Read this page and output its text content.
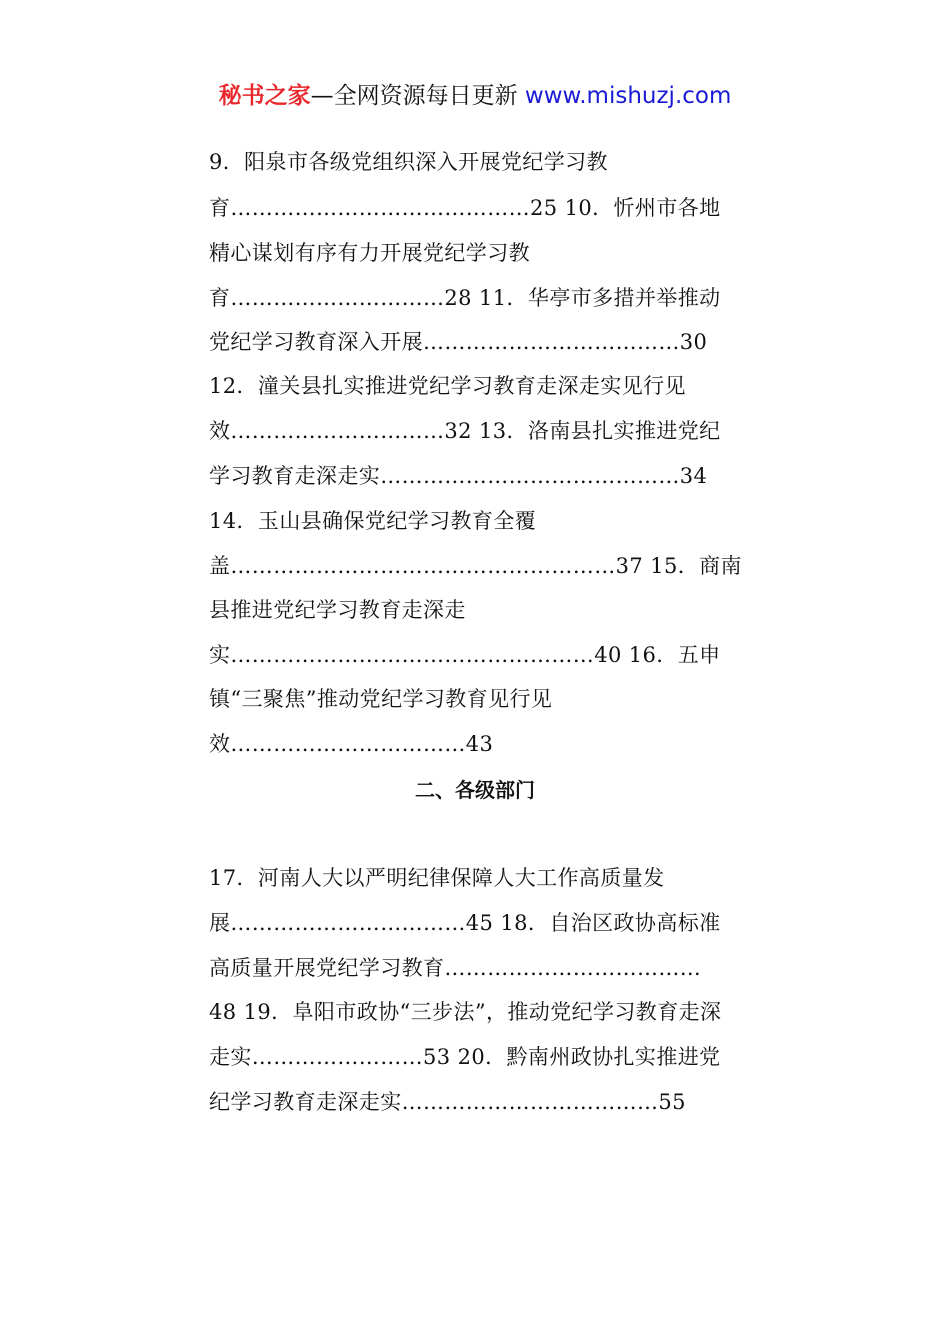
秘书之家—全网资源每日更新 www.mishuzj.com
9．阳泉市各级党组织深入开展党纪学习教
育……………………………………25 10．忻州市各地
精心谋划有序有力开展党纪学习教
育…………………………28 11．华亭市多措并举推动
党纪学习教育深入开展………………………………30
12．潼关县扎实推进党纪学习教育走深走实见行见
效…………………………32 13．洛南县扎实推进党纪
学习教育走深走实……………………………………34
14．玉山县确保党纪学习教育全覆
盖………………………………………………37 15．商南
县推进党纪学习教育走深走
实……………………………………………40 16．五申
镇“三聚焦”推动党纪学习教育见行见
效……………………………43
17．河南人大以严明纪律保障人大工作高质量发
展……………………………45 18．自治区政协高标准
高质量开展党纪学习教育………………………………
48 19．阜阳市政协“三步法”，推动党纪学习教育走深
走实……………………53 20．黔南州政协扎实推进党
纪学习教育走深走实………………………………55
二、各级部门
